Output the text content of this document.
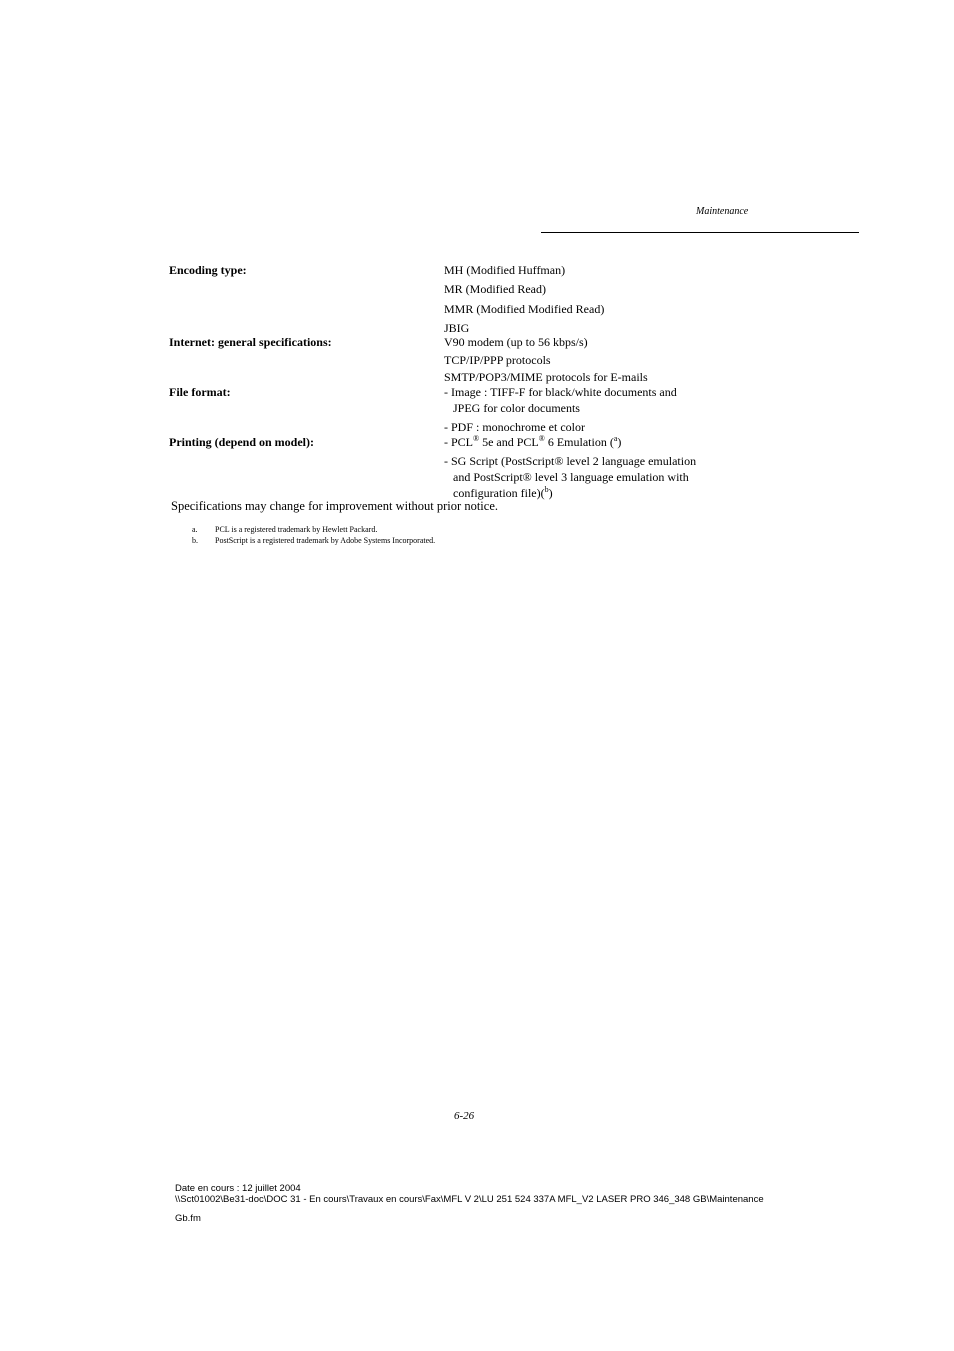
Maintenance
Encoding type:	MH (Modified Huffman)
MR (Modified Read)
MMR (Modified Modified Read)
JBIG
Internet: general specifications:	V90 modem (up to 56 kbps/s)
TCP/IP/PPP protocols
SMTP/POP3/MIME protocols for E-mails
File format:	- Image : TIFF-F for black/white documents and
JPEG for color documents
- PDF : monochrome et color
Printing (depend on model):	- PCL® 5e and PCL® 6 Emulation ($^a$)
- SG Script (PostScript® level 2 language emulation
and PostScript® level 3 language emulation with
configuration file)($^b$)
Specifications may change for improvement without prior notice.
a. PCL is a registered trademark by Hewlett Packard.
b. PostScript is a registered trademark by Adobe Systems Incorporated.
6-26
Date en cours : 12 juillet 2004
\\Sct01002\Be31-doc\DOC 31 - En cours\Travaux en cours\Fax\MFL V 2\LU 251 524 337A MFL_V2 LASER PRO 346_348 GB\Maintenance
Gb.fm
